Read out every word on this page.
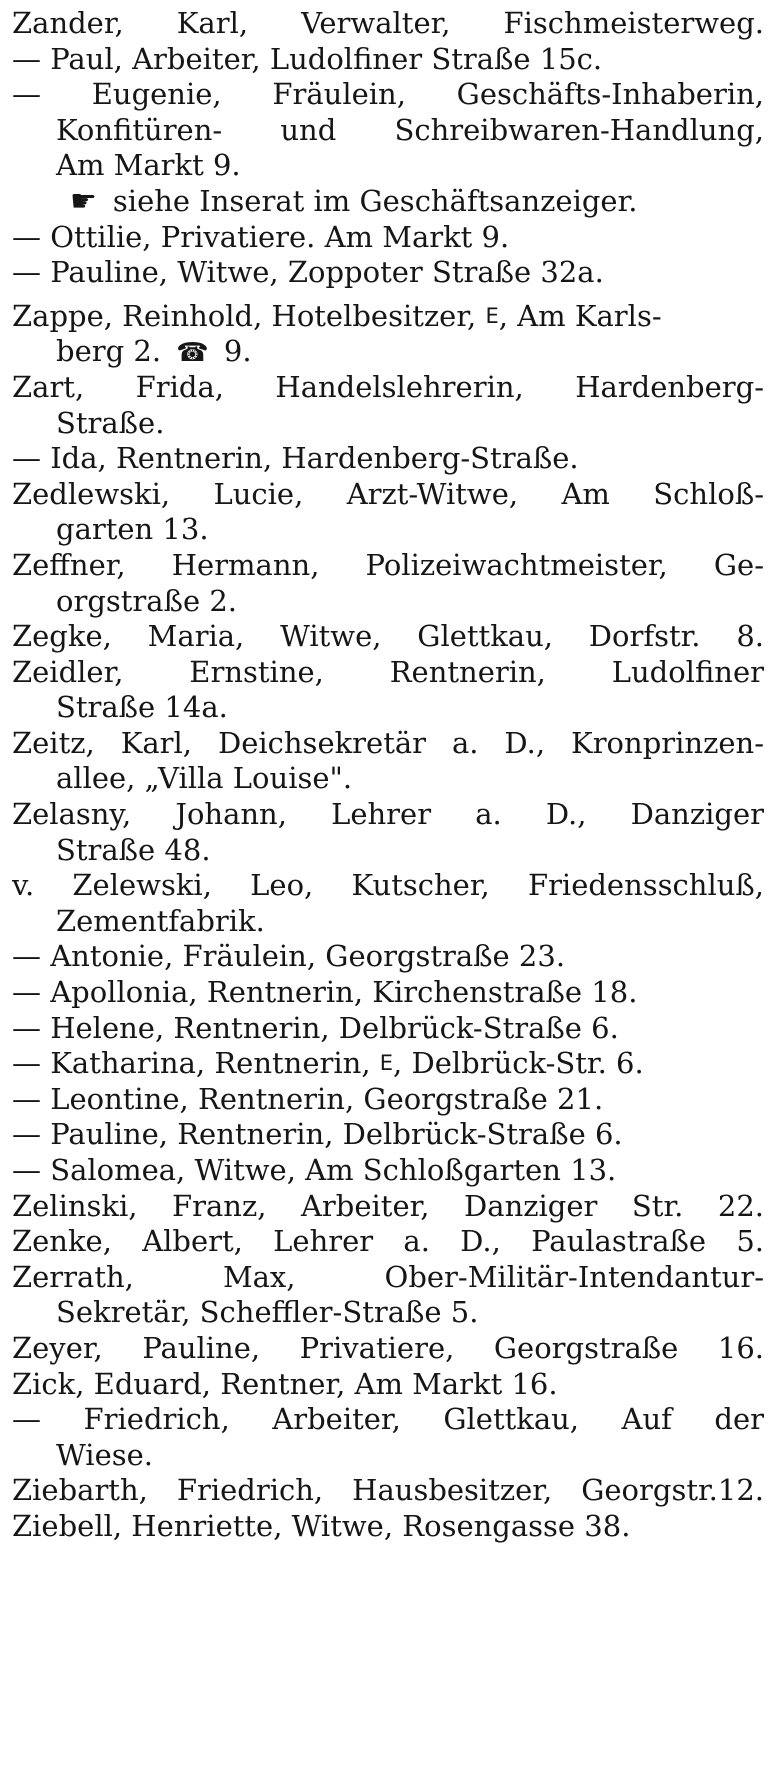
Zander, Karl, Verwalter, Fischmeisterweg.
— Paul, Arbeiter, Ludolfiner Straße 15c.
— Eugenie, Fräulein, Geschäfts-Inhaberin,
Konfitüren- und Schreibwaren-Handlung,
Am Markt 9.
☛ siehe Inserat im Geschäftsanzeiger.
— Ottilie, Privatiere. Am Markt 9.
— Pauline, Witwe, Zoppoter Straße 32a.
Zappe, Reinhold, Hotelbesitzer, E, Am Karls-
berg 2. ☎ 9.
Zart, Frida, Handelslehrerin, Hardenberg-
Straße.
— Ida, Rentnerin, Hardenberg-Straße.
Zedlewski, Lucie, Arzt-Witwe, Am Schloß-
garten 13.
Zeffner, Hermann, Polizeiwachtmeister, Ge-
orgstraße 2.
Zegke, Maria, Witwe, Glettkau, Dorfstr. 8.
Zeidler, Ernstine, Rentnerin, Ludolfiner
Straße 14a.
Zeitz, Karl, Deichsekretär a. D., Kronprinzen-
allee, „Villa Louise".
Zelasny, Johann, Lehrer a. D., Danziger
Straße 48.
v. Zelewski, Leo, Kutscher, Friedensschluß,
Zementfabrik.
— Antonie, Fräulein, Georgstraße 23.
— Apollonia, Rentnerin, Kirchenstraße 18.
— Helene, Rentnerin, Delbrück-Straße 6.
— Katharina, Rentnerin, E, Delbrück-Str. 6.
— Leontine, Rentnerin, Georgstraße 21.
— Pauline, Rentnerin, Delbrück-Straße 6.
— Salomea, Witwe, Am Schloßgarten 13.
Zelinski, Franz, Arbeiter, Danziger Str. 22.
Zenke, Albert, Lehrer a. D., Paulastraße 5.
Zerrath, Max, Ober-Militär-Intendantur-
Sekretär, Scheffler-Straße 5.
Zeyer, Pauline, Privatiere, Georgstraße 16.
Zick, Eduard, Rentner, Am Markt 16.
— Friedrich, Arbeiter, Glettkau, Auf der
Wiese.
Ziebarth, Friedrich, Hausbesitzer, Georgstr.12.
Ziebell, Henriette, Witwe, Rosengasse 38.
